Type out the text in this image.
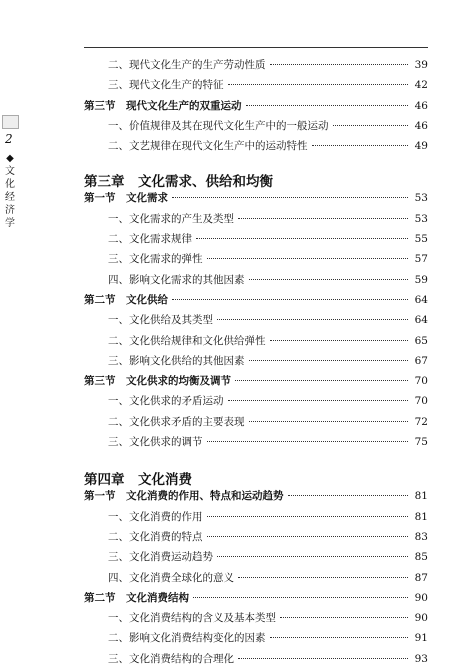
2
◆
文
化
经
济
学
二、现代文化生产的生产劳动性质	39
三、现代文化生产的特征	42
第三节　现代文化生产的双重运动	46
一、价值规律及其在现代文化生产中的一般运动	46
二、文艺规律在现代文化生产中的运动特性	49
第三章　文化需求、供给和均衡
第一节　文化需求	53
一、文化需求的产生及类型	53
二、文化需求规律	55
三、文化需求的弹性	57
四、影响文化需求的其他因素	59
第二节　文化供给	64
一、文化供给及其类型	64
二、文化供给规律和文化供给弹性	65
三、影响文化供给的其他因素	67
第三节　文化供求的均衡及调节	70
一、文化供求的矛盾运动	70
二、文化供求矛盾的主要表现	72
三、文化供求的调节	75
第四章　文化消费
第一节　文化消费的作用、特点和运动趋势	81
一、文化消费的作用	81
二、文化消费的特点	83
三、文化消费运动趋势	85
四、文化消费全球化的意义	87
第二节　文化消费结构	90
一、文化消费结构的含义及基本类型	90
二、影响文化消费结构变化的因素	91
三、文化消费结构的合理化	93
